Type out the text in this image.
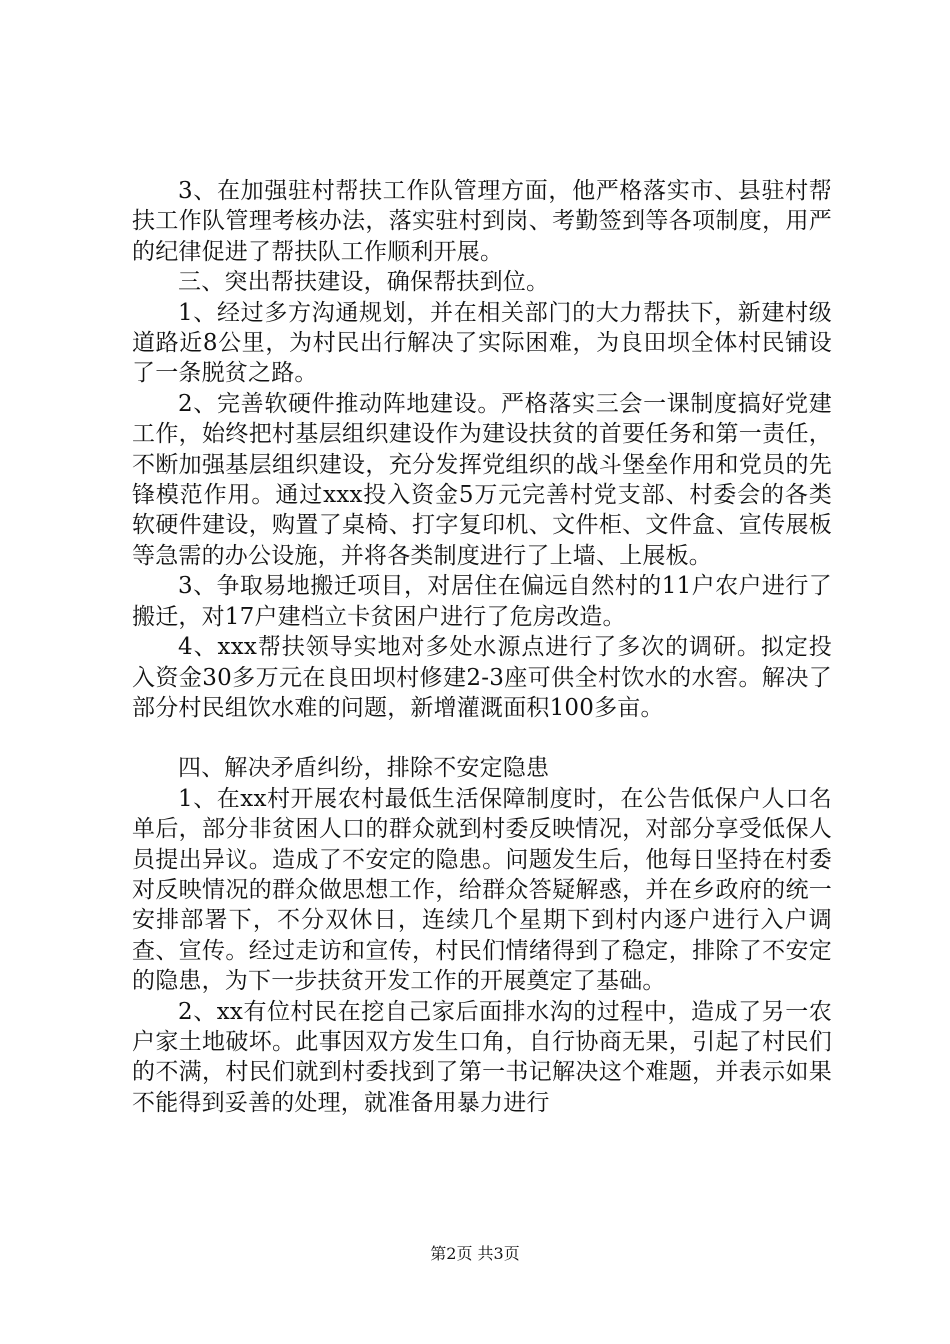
3、在加强驻村帮扶工作队管理方面，他严格落实市、县驻村帮扶工作队管理考核办法，落实驻村到岗、考勤签到等各项制度，用严的纪律促进了帮扶队工作顺利开展。

三、突出帮扶建设，确保帮扶到位。

1、经过多方沟通规划，并在相关部门的大力帮扶下，新建村级道路近8公里，为村民出行解决了实际困难，为良田坝全体村民铺设了一条脱贫之路。

2、完善软硬件推动阵地建设。严格落实三会一课制度搞好党建工作，始终把村基层组织建设作为建设扶贫的首要任务和第一责任，不断加强基层组织建设，充分发挥党组织的战斗堡垒作用和党员的先锋模范作用。通过xxx投入资金5万元完善村党支部、村委会的各类软硬件建设，购置了桌椅、打字复印机、文件柜、文件盒、宣传展板等急需的办公设施，并将各类制度进行了上墙、上展板。

3、争取易地搬迁项目，对居住在偏远自然村的11户农户进行了搬迁，对17户建档立卡贫困户进行了危房改造。

4、xxx帮扶领导实地对多处水源点进行了多次的调研。拟定投入资金30多万元在良田坝村修建2-3座可供全村饮水的水窖。解决了部分村民组饮水难的问题，新增灌溉面积100多亩。

四、解决矛盾纠纷，排除不安定隐患

1、在xx村开展农村最低生活保障制度时，在公告低保户人口名单后，部分非贫困人口的群众就到村委反映情况，对部分享受低保人员提出异议。造成了不安定的隐患。问题发生后，他每日坚持在村委对反映情况的群众做思想工作，给群众答疑解惑，并在乡政府的统一安排部署下，不分双休日，连续几个星期下到村内逐户进行入户调查、宣传。经过走访和宣传，村民们情绪得到了稳定，排除了不安定的隐患，为下一步扶贫开发工作的开展奠定了基础。

2、xx有位村民在挖自己家后面排水沟的过程中，造成了另一农户家土地破坏。此事因双方发生口角，自行协商无果，引起了村民们的不满，村民们就到村委找到了第一书记解决这个难题，并表示如果不能得到妥善的处理，就准备用暴力进行

第2页 共3页
